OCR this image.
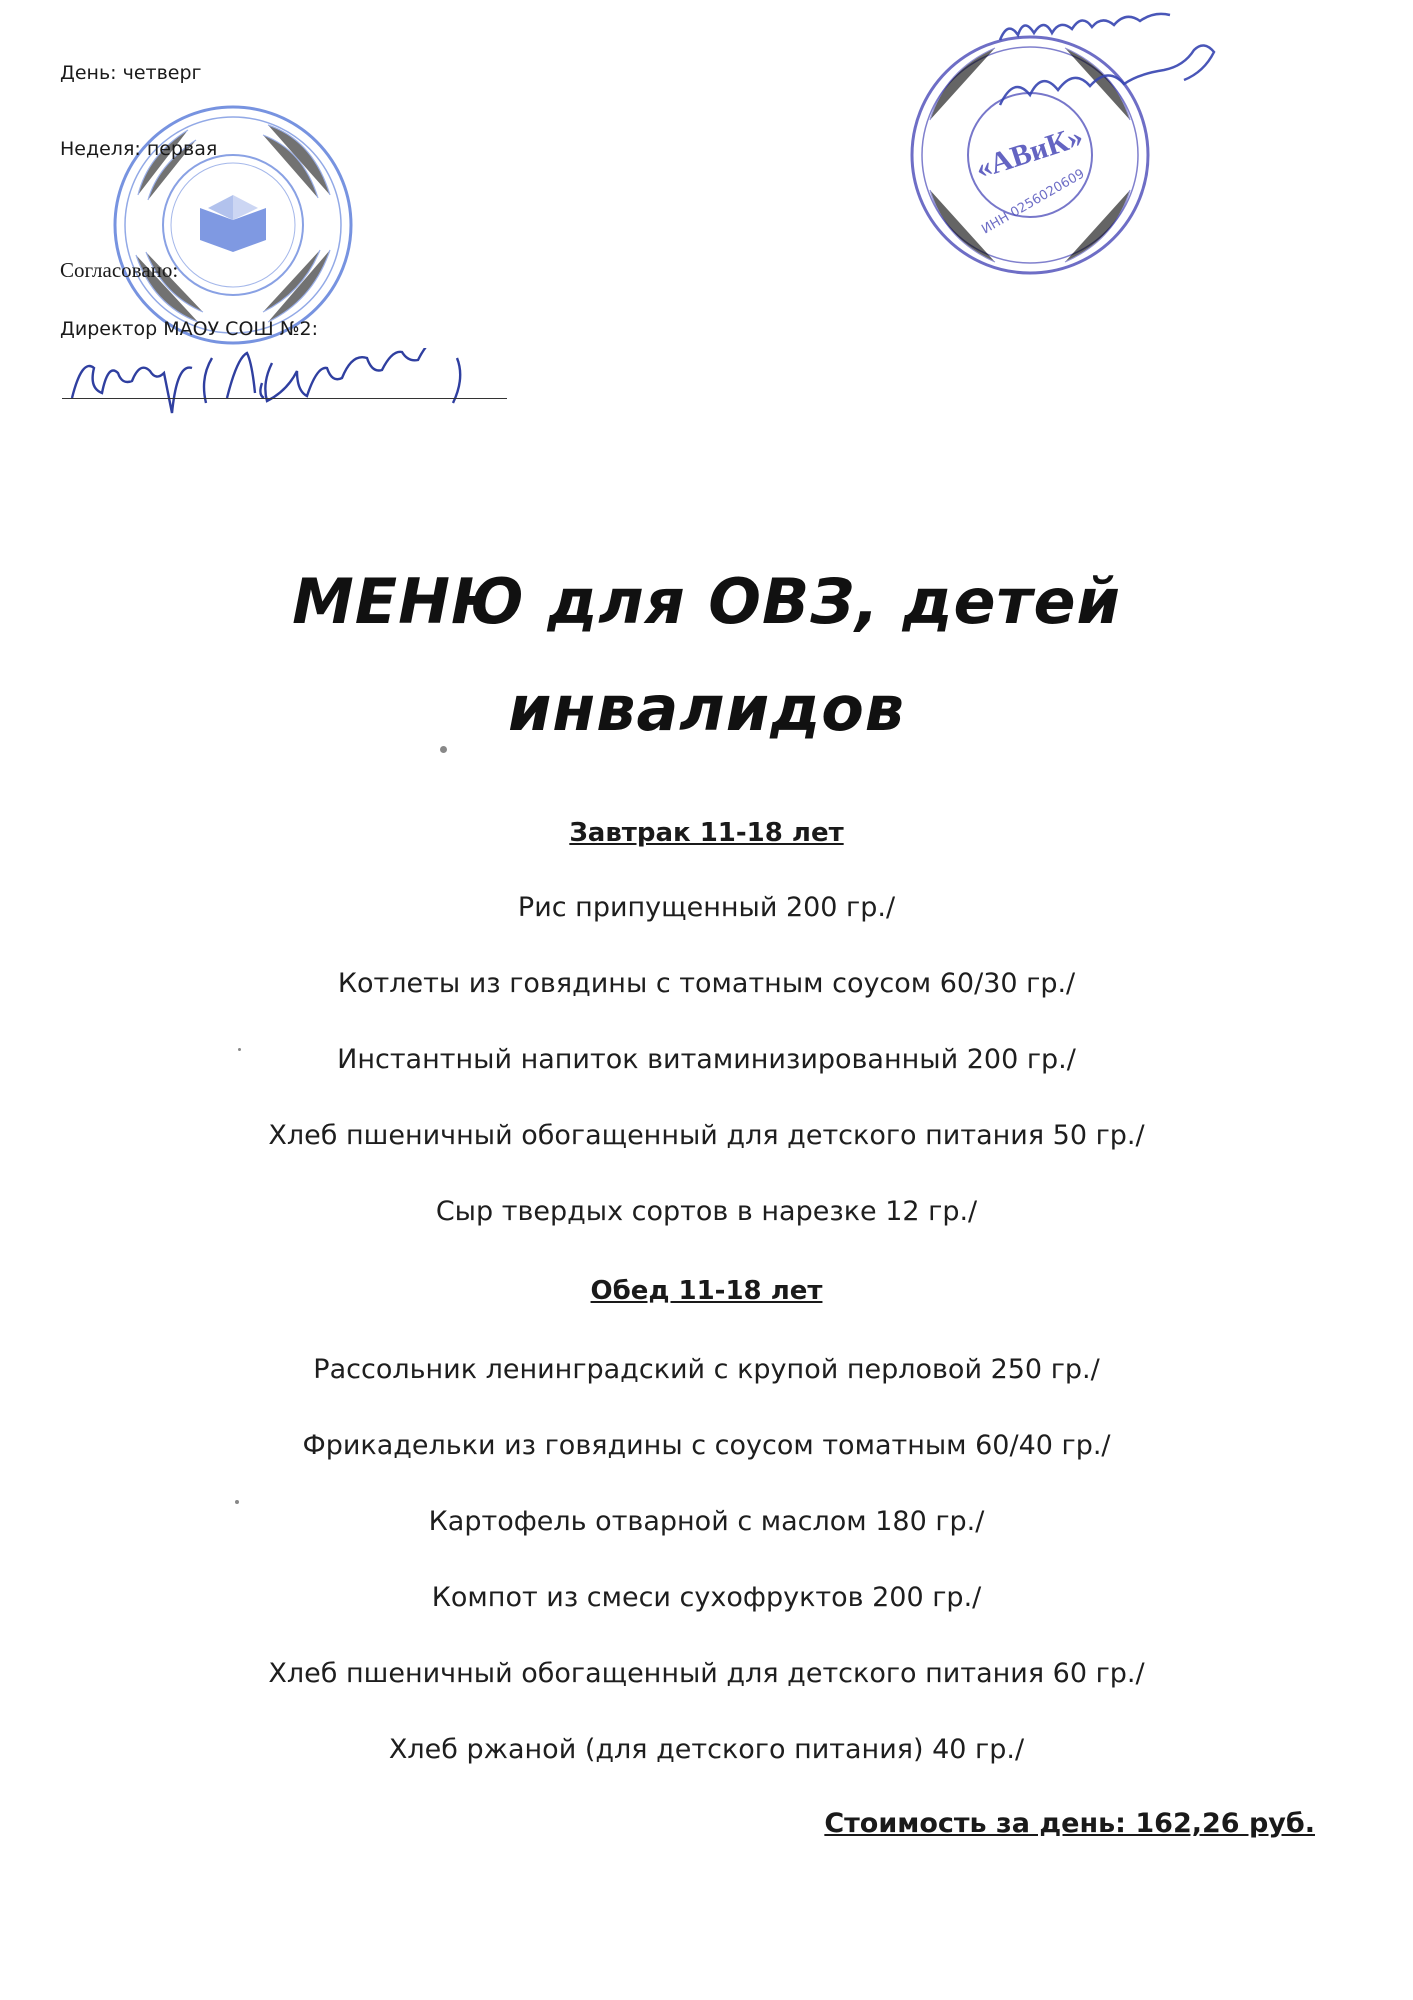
«АВиК»
ИНН 0256020609
День: четверг
Неделя: первая
Согласовано:
Директор МАОУ СОШ №2:
МЕНЮ для ОВЗ, детей
инвалидов
Завтрак 11-18 лет
Рис припущенный 200 гр./
Котлеты из говядины с томатным соусом 60/30 гр./
Инстантный напиток витаминизированный 200 гр./
Хлеб пшеничный обогащенный для детского питания 50 гр./
Сыр твердых сортов в нарезке 12 гр./
Обед 11-18 лет
Рассольник ленинградский с крупой перловой 250 гр./
Фрикадельки из говядины с соусом томатным 60/40 гр./
Картофель отварной с маслом 180 гр./
Компот из смеси сухофруктов 200 гр./
Хлеб пшеничный обогащенный для детского питания 60 гр./
Хлеб ржаной (для детского питания) 40 гр./
Стоимость за день: 162,26 руб.
